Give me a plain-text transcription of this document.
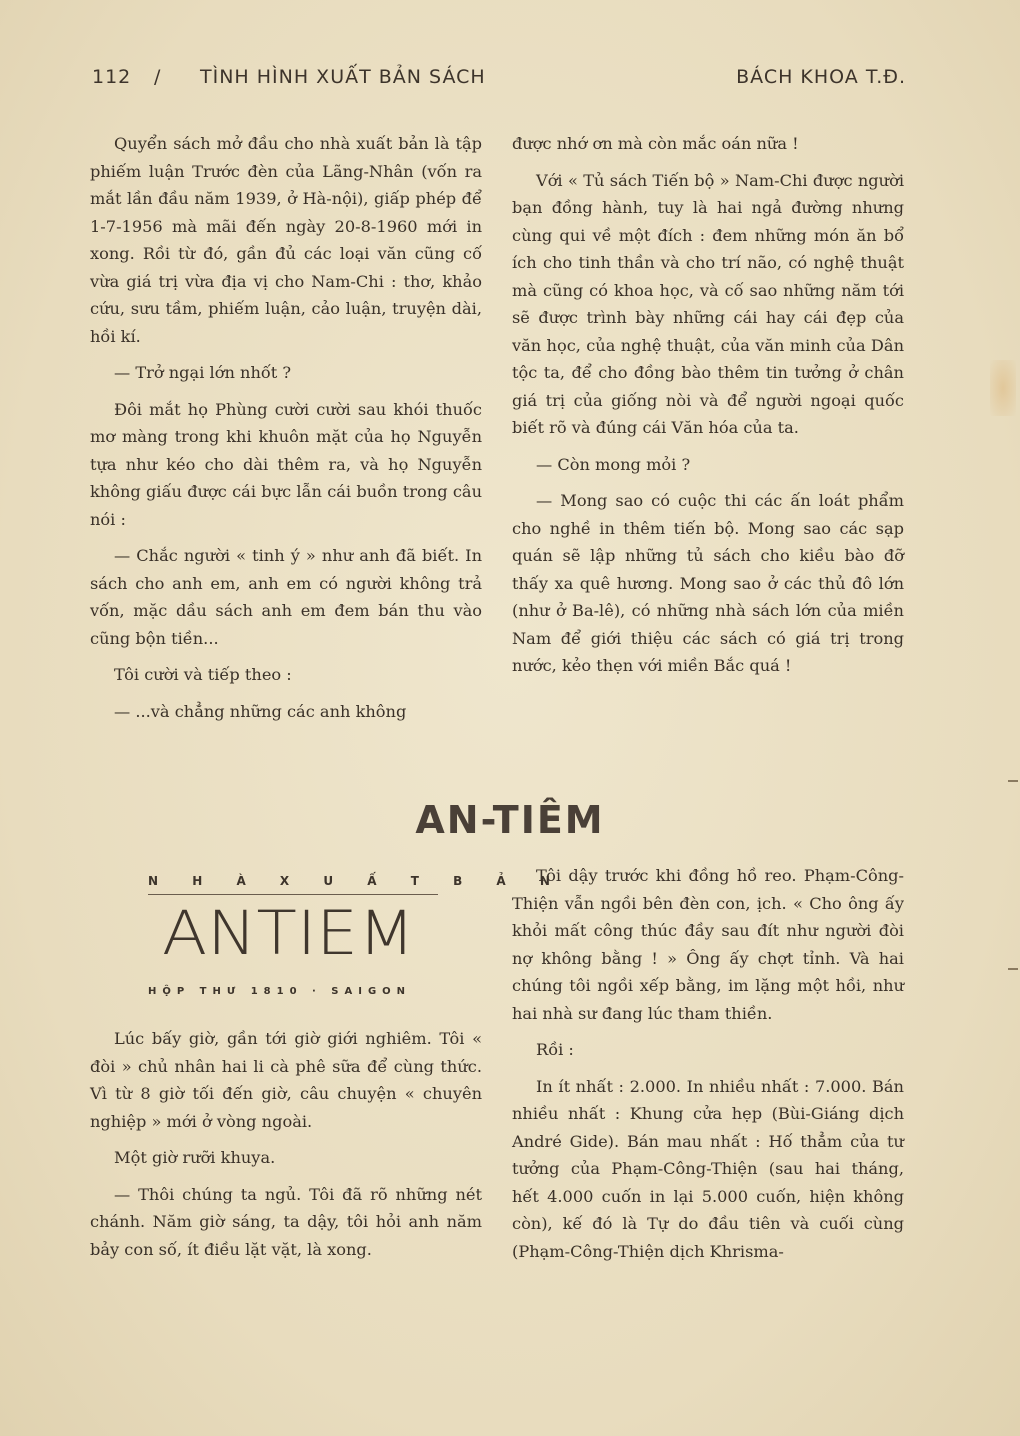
112 / TÌNH HÌNH XUẤT BẢN SÁCH	BÁCH KHOA T.Đ.

Quyển sách mở đầu cho nhà xuất bản là tập phiếm luận Trước đèn của Lãng-Nhân (vốn ra mắt lần đầu năm 1939, ở Hà-nội), giấp phép để 1-7-1956 mà mãi đến ngày 20-8-1960 mới in xong. Rồi từ đó, gần đủ các loại văn cũng cố vừa giá trị vừa địa vị cho Nam-Chi : thơ, khảo cứu, sưu tầm, phiếm luận, cảo luận, truyện dài, hồi kí.

— Trở ngại lớn nhốt ?

Đôi mắt họ Phùng cười cười sau khói thuốc mơ màng trong khi khuôn mặt của họ Nguyễn tựa như kéo cho dài thêm ra, và họ Nguyễn không giấu được cái bực lẫn cái buồn trong câu nói :

— Chắc người « tinh ý » như anh đã biết. In sách cho anh em, anh em có người không trả vốn, mặc dầu sách anh em đem bán thu vào cũng bộn tiền...

Tôi cười và tiếp theo :

— ...và chẳng những các anh không

được nhớ ơn mà còn mắc oán nữa !

Với « Tủ sách Tiến bộ » Nam-Chi được người bạn đồng hành, tuy là hai ngả đường nhưng cùng qui về một đích : đem những món ăn bổ ích cho tinh thần và cho trí não, có nghệ thuật mà cũng có khoa học, và cố sao những năm tới sẽ được trình bày những cái hay cái đẹp của văn học, của nghệ thuật, của văn minh của Dân tộc ta, để cho đồng bào thêm tin tưởng ở chân giá trị của giống nòi và để người ngoại quốc biết rõ và đúng cái Văn hóa của ta.

— Còn mong mỏi ?

— Mong sao có cuộc thi các ấn loát phẩm cho nghề in thêm tiến bộ. Mong sao các sạp quán sẽ lập những tủ sách cho kiều bào đỡ thấy xa quê hương. Mong sao ở các thủ đô lớn (như ở Ba-lê), có những nhà sách lớn của miền Nam để giới thiệu các sách có giá trị trong nước, kẻo thẹn với miền Bắc quá !

AN-TIÊM
N H À X U Ấ T B Ả N
ANTIEM
HỘP THƯ 1810 · SAIGON

Lúc bấy giờ, gần tới giờ giới nghiêm. Tôi « đòi » chủ nhân hai li cà phê sữa để cùng thức. Vì từ 8 giờ tối đến giờ, câu chuyện « chuyên nghiệp » mới ở vòng ngoài.

Một giờ rưỡi khuya.

— Thôi chúng ta ngủ. Tôi đã rõ những nét chánh. Năm giờ sáng, ta dậy, tôi hỏi anh năm bảy con số, ít điều lặt vặt, là xong.

Tôi dậy trước khi đồng hồ reo. Phạm-Công-Thiện vẫn ngồi bên đèn con, ịch. « Cho ông ấy khỏi mất công thúc đầy sau đít như người đòi nợ không bằng ! » Ông ấy chợt tỉnh. Và hai chúng tôi ngồi xếp bằng, im lặng một hồi, như hai nhà sư đang lúc tham thiền.

Rồi :

In ít nhất : 2.000. In nhiều nhất : 7.000. Bán nhiều nhất : Khung cửa hẹp (Bùi-Giáng dịch André Gide). Bán mau nhất : Hố thẳm của tư tưởng của Phạm-Công-Thiện (sau hai tháng, hết 4.000 cuốn in lại 5.000 cuốn, hiện không còn), kế đó là Tự do đầu tiên và cuối cùng (Phạm-Công-Thiện dịch Khrisma-
